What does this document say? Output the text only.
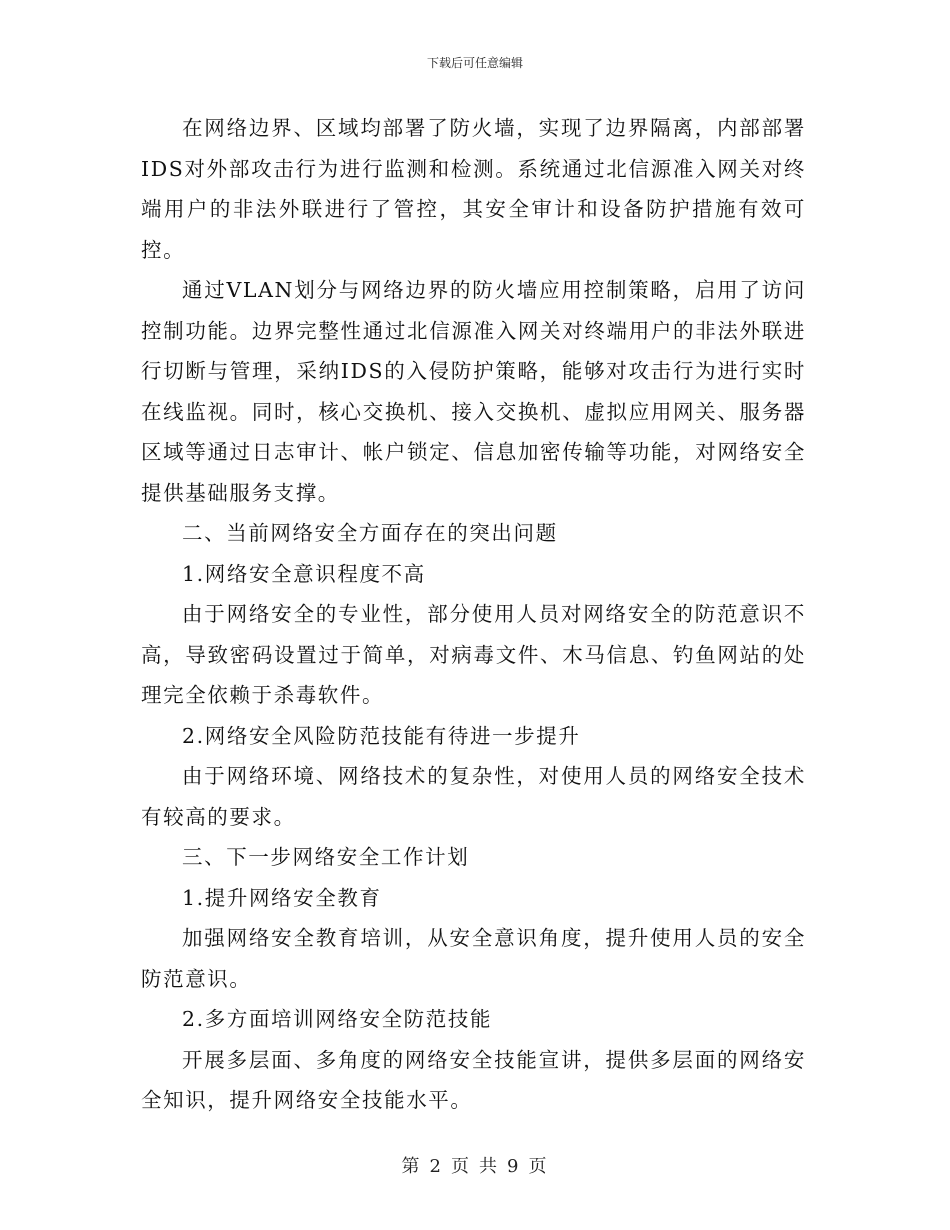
下载后可任意编辑

在网络边界、区域均部署了防火墙，实现了边界隔离，内部部署IDS对外部攻击行为进行监测和检测。系统通过北信源准入网关对终端用户的非法外联进行了管控，其安全审计和设备防护措施有效可控。

通过VLAN划分与网络边界的防火墙应用控制策略，启用了访问控制功能。边界完整性通过北信源准入网关对终端用户的非法外联进行切断与管理，采纳IDS的入侵防护策略，能够对攻击行为进行实时在线监视。同时，核心交换机、接入交换机、虚拟应用网关、服务器区域等通过日志审计、帐户锁定、信息加密传输等功能，对网络安全提供基础服务支撑。

二、当前网络安全方面存在的突出问题

1.网络安全意识程度不高

由于网络安全的专业性，部分使用人员对网络安全的防范意识不高，导致密码设置过于简单，对病毒文件、木马信息、钓鱼网站的处理完全依赖于杀毒软件。

2.网络安全风险防范技能有待进一步提升

由于网络环境、网络技术的复杂性，对使用人员的网络安全技术有较高的要求。

三、下一步网络安全工作计划

1.提升网络安全教育

加强网络安全教育培训，从安全意识角度，提升使用人员的安全防范意识。

2.多方面培训网络安全防范技能

开展多层面、多角度的网络安全技能宣讲，提供多层面的网络安全知识，提升网络安全技能水平。

第 2 页 共 9 页
